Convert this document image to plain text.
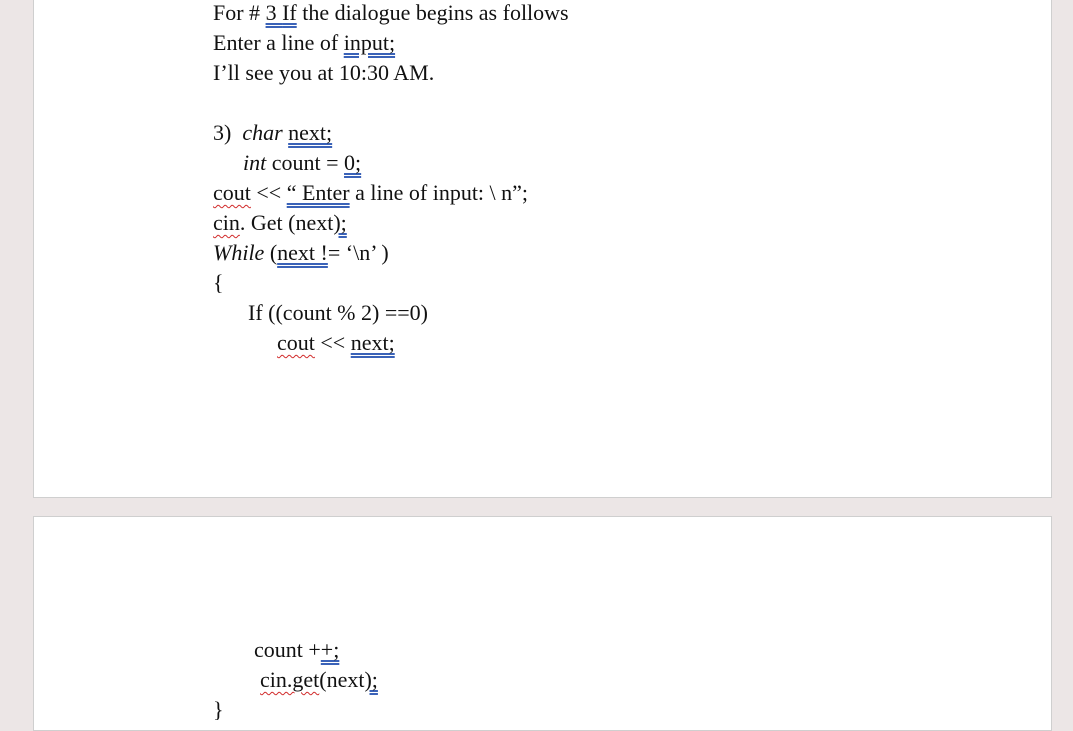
For # 3 If the dialogue begins as follows
Enter a line of input;
I’ll see you at 10:30 AM.
3)  char next;
int count = 0;
cout << “ Enter a line of input: \ n”;
cin. Get (next);
While (next != ‘\n’ )
{
If ((count % 2) ==0)
cout << next;
count ++;
cin.get(next);
}
